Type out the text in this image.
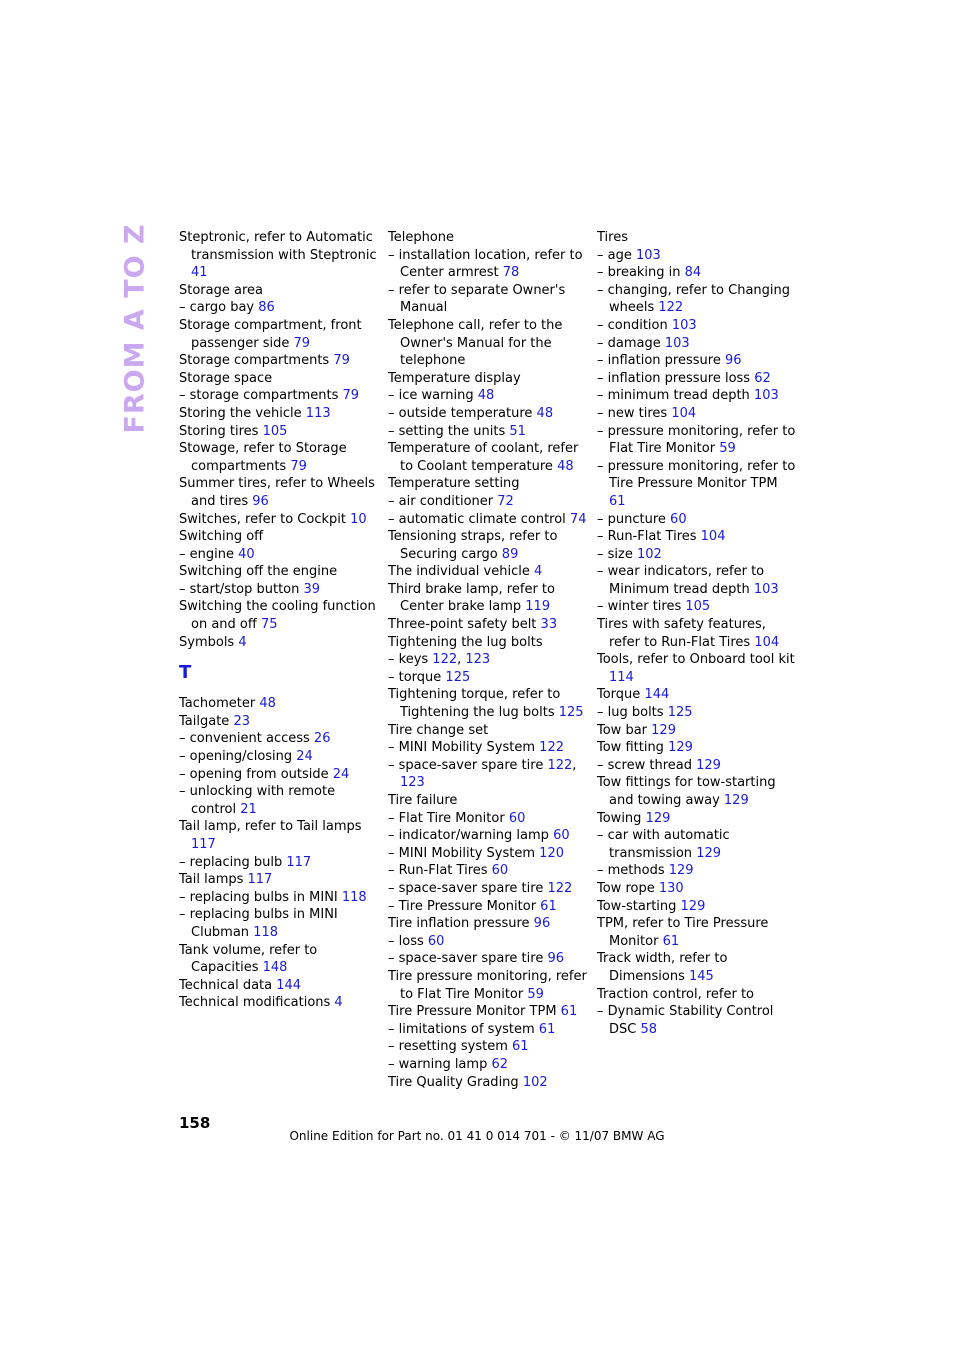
FROM A TO Z Steptronic, refer to Automatic transmission with Steptronic 41
Storage area
– cargo bay 86
Storage compartment, front passenger side 79
Storage compartments 79
Storage space
– storage compartments 79
Storing the vehicle 113
Storing tires 105
Stowage, refer to Storage compartments 79
Summer tires, refer to Wheels and tires 96
Switches, refer to Cockpit 10
Switching off
– engine 40
Switching off the engine
– start/stop button 39
Switching the cooling function on and off 75
Symbols 4
T
Tachometer 48
Tailgate 23
– convenient access 26
– opening/closing 24
– opening from outside 24
– unlocking with remote control 21
Tail lamp, refer to Tail lamps 117
– replacing bulb 117
Tail lamps 117
– replacing bulbs in MINI 118
– replacing bulbs in MINI Clubman 118
Tank volume, refer to Capacities 148
Technical data 144
Technical modifications 4
Telephone
– installation location, refer to Center armrest 78
– refer to separate Owner's Manual
Telephone call, refer to the Owner's Manual for the telephone
Temperature display
– ice warning 48
– outside temperature 48
– setting the units 51
Temperature of coolant, refer to Coolant temperature 48
Temperature setting
– air conditioner 72
– automatic climate control 74
Tensioning straps, refer to Securing cargo 89
The individual vehicle 4
Third brake lamp, refer to Center brake lamp 119
Three-point safety belt 33
Tightening the lug bolts
– keys 122, 123
– torque 125
Tightening torque, refer to Tightening the lug bolts 125
Tire change set
– MINI Mobility System 122
– space-saver spare tire 122, 123
Tire failure
– Flat Tire Monitor 60
– indicator/warning lamp 60
– MINI Mobility System 120
– Run-Flat Tires 60
– space-saver spare tire 122
– Tire Pressure Monitor 61
Tire inflation pressure 96
– loss 60
– space-saver spare tire 96
Tire pressure monitoring, refer to Flat Tire Monitor 59
Tire Pressure Monitor TPM 61
– limitations of system 61
– resetting system 61
– warning lamp 62
Tire Quality Grading 102
Tires
– age 103
– breaking in 84
– changing, refer to Changing wheels 122
– condition 103
– damage 103
– inflation pressure 96
– inflation pressure loss 62
– minimum tread depth 103
– new tires 104
– pressure monitoring, refer to Flat Tire Monitor 59
– pressure monitoring, refer to Tire Pressure Monitor TPM 61
– puncture 60
– Run-Flat Tires 104
– size 102
– wear indicators, refer to Minimum tread depth 103
– winter tires 105
Tires with safety features, refer to Run-Flat Tires 104
Tools, refer to Onboard tool kit 114
Torque 144
– lug bolts 125
Tow bar 129
Tow fitting 129
– screw thread 129
Tow fittings for tow-starting and towing away 129
Towing 129
– car with automatic transmission 129
– methods 129
Tow rope 130
Tow-starting 129
TPM, refer to Tire Pressure Monitor 61
Track width, refer to Dimensions 145
Traction control, refer to
– Dynamic Stability Control DSC 58
158
Online Edition for Part no. 01 41 0 014 701 - © 11/07 BMW AG
